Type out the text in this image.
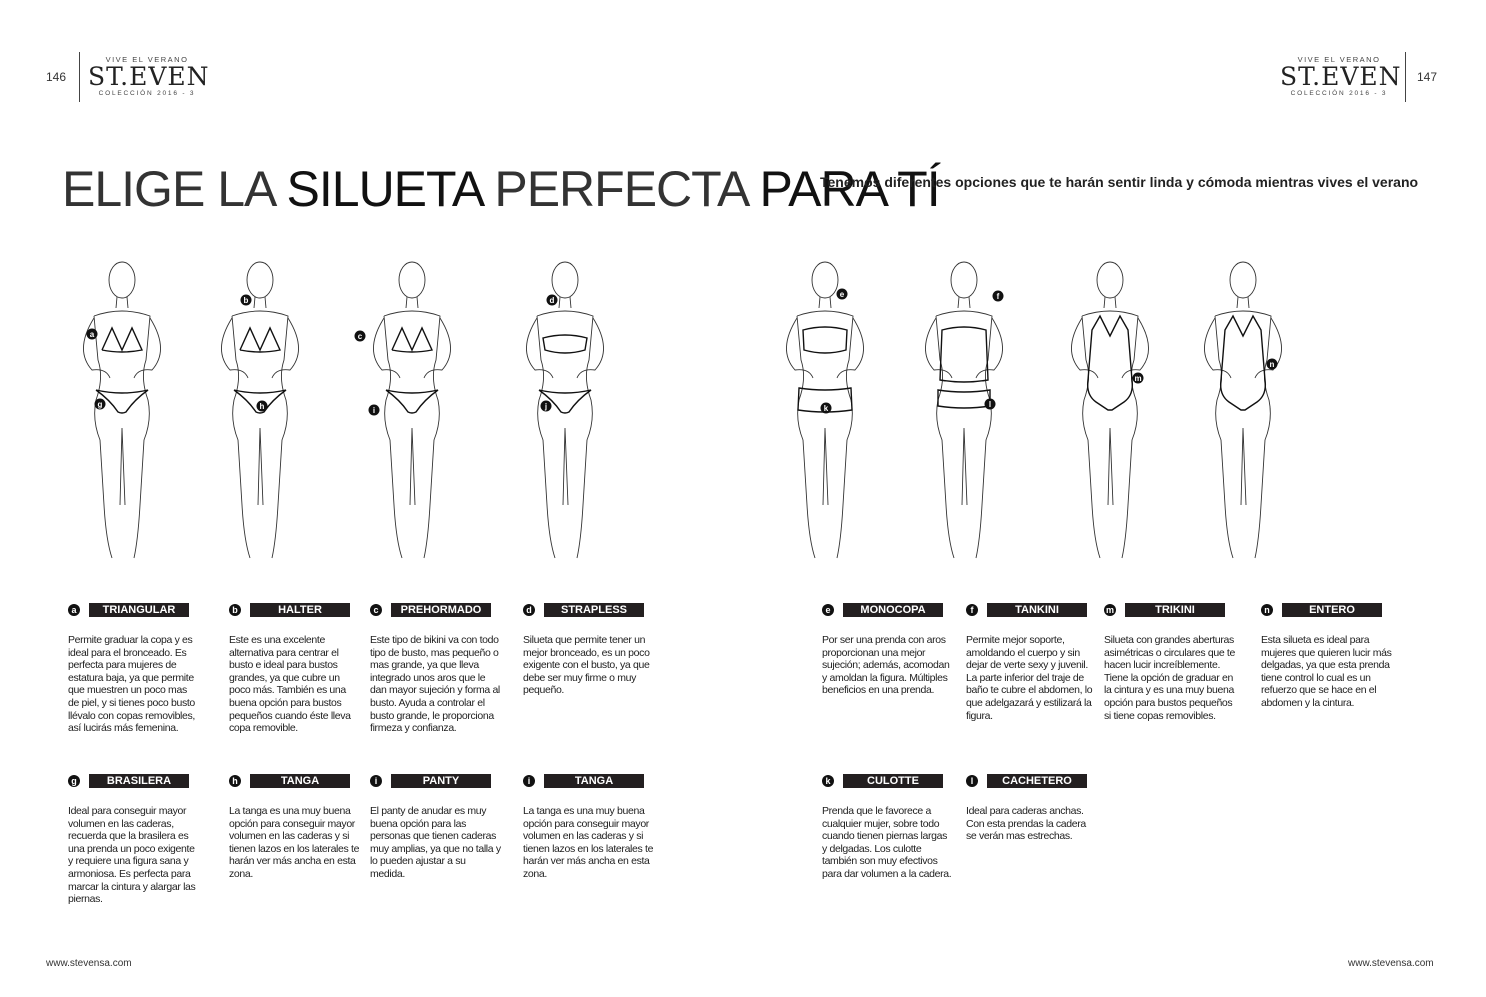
146
VIVE EL VERANO
ST.EVEN
COLECCIÓN 2016 - 3
VIVE EL VERANO
ST.EVEN
COLECCIÓN 2016 - 3
147
ELIGE LA SILUETA PERFECTA PARA TÍ
Tenemos diferentes opciones que te harán sentir linda y cómoda mientras vives el verano
a
g
b
h
c
i
d
j
e
k
f
l
m
n
a	TRIANGULAR
Permite graduar la copa y es ideal para el bronceado. Es perfecta para mujeres de estatura baja, ya que permite que muestren un poco mas de piel, y si tienes poco busto llévalo con copas removibles, así lucirás más femenina.
b	HALTER
Este es una excelente alternativa para centrar el busto e ideal para bustos grandes, ya que cubre un poco más. También es una buena opción para bustos pequeños cuando éste lleva copa removible.
c	PREHORMADO
Este tipo de bikini va con todo tipo de busto, mas pequeño o mas grande, ya que lleva integrado unos aros que le dan mayor sujeción y forma al busto. Ayuda a controlar el busto grande, le proporciona firmeza y confianza.
d	STRAPLESS
Silueta que permite tener un mejor bronceado, es un poco exigente con el busto, ya que debe ser muy firme o muy pequeño.
e	MONOCOPA
Por ser una prenda con aros proporcionan una mejor sujeción; además, acomodan y amoldan la figura. Múltiples beneficios en una prenda.
f	TANKINI
Permite mejor soporte, amoldando el cuerpo y sin dejar de verte sexy y juvenil. La parte inferior del traje de baño te cubre el abdomen, lo que adelgazará y estilizará la figura.
m	TRIKINI
Silueta con grandes aberturas asimétricas o circulares que te hacen lucir increíblemente. Tiene la opción de graduar en la cintura y es una muy buena opción para bustos pequeños si tiene copas removibles.
n	ENTERO
Esta silueta es ideal para mujeres que quieren lucir más delgadas, ya que esta prenda tiene control lo cual es un refuerzo que se hace en el abdomen y la cintura.
g	BRASILERA
Ideal para conseguir mayor volumen en las caderas, recuerda que la brasilera es una prenda un poco exigente y requiere una figura sana y armoniosa. Es perfecta para marcar la cintura y alargar las piernas.
h	TANGA
La tanga es una muy buena opción para conseguir mayor volumen en las caderas y si tienen lazos en los laterales te harán ver más ancha en esta zona.
i	PANTY
El panty de anudar es muy buena opción para las personas que tienen caderas muy amplias, ya que no talla y lo pueden ajustar a su medida.
i	TANGA
La tanga es una muy buena opción para conseguir mayor volumen en las caderas y si tienen lazos en los laterales te harán ver más ancha en esta zona.
k	CULOTTE
Prenda que le favorece a cualquier mujer, sobre todo cuando tienen piernas largas y delgadas. Los culotte también son muy efectivos para dar volumen a la cadera.
l	CACHETERO
Ideal para caderas anchas. Con esta prendas la cadera se verán mas estrechas.
www.stevensa.com	www.stevensa.com
